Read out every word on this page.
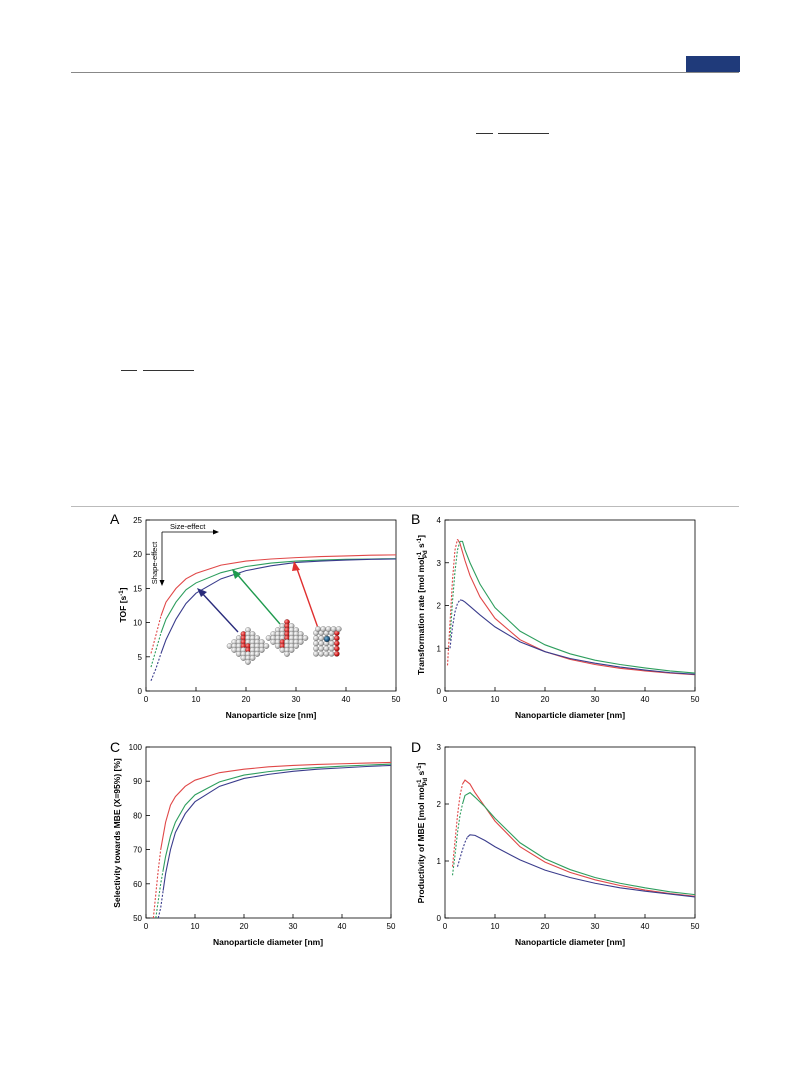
A	B
C	D
0	10	20	30	40	50
0
5
10
15
20
25
Nanoparticle size [nm]
TOF $[s^{-1}]$
Size-effect
Shape-effect
0	10	20	30	40	50
0
1
2
3
4
Nanoparticle diameter [nm]
Transformation rate [mol mol$^{-1}$Pd $s^{-1}$]
0	10	20	30	40	50
50
60
70
80
90
100
Nanoparticle diameter [nm]
Selectivity towards MBE (X=95%) [%]
0	10	20	30	40	50
0
1
2
3
Nanoparticle diameter [nm]
Productivity of MBE [mol mol$^{-1}$Pd $s^{-1}$]
